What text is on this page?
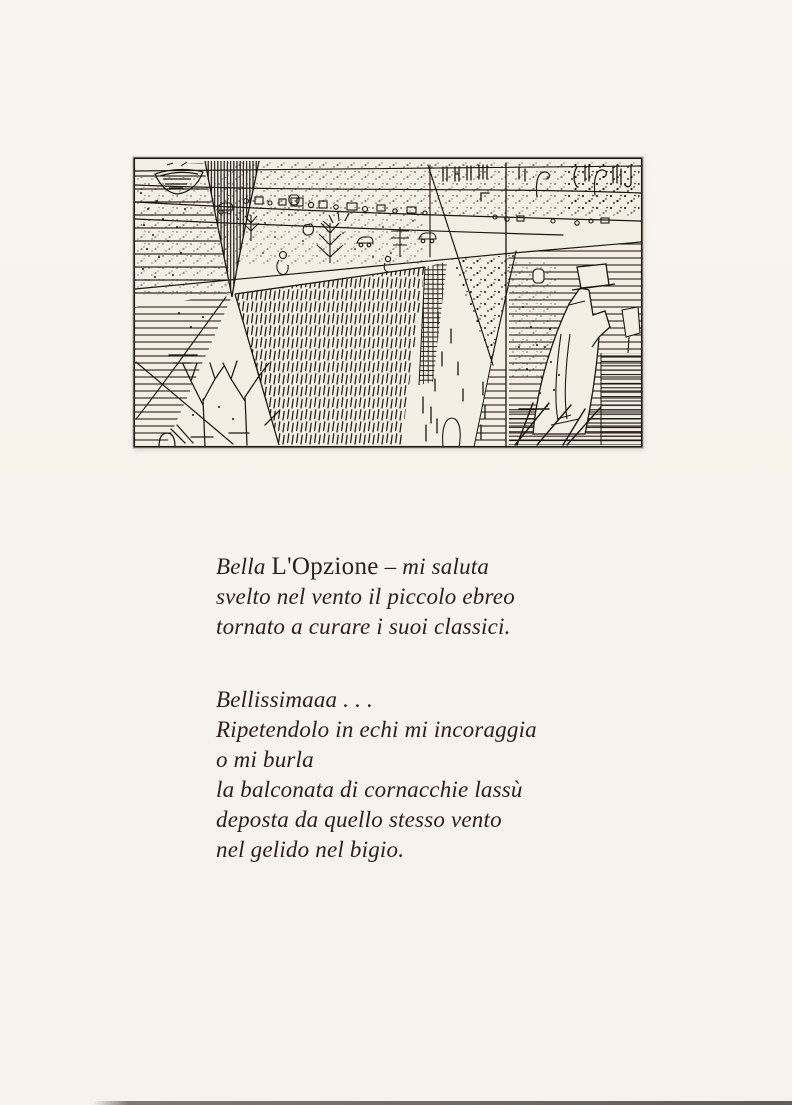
Bella L'Opzione – mi saluta
svelto nel vento il piccolo ebreo
tornato a curare i suoi classici.
Bellissimaaa . . .
Ripetendolo in echi mi incoraggia
o mi burla
la balconata di cornacchie lassù
deposta da quello stesso vento
nel gelido nel bigio.
